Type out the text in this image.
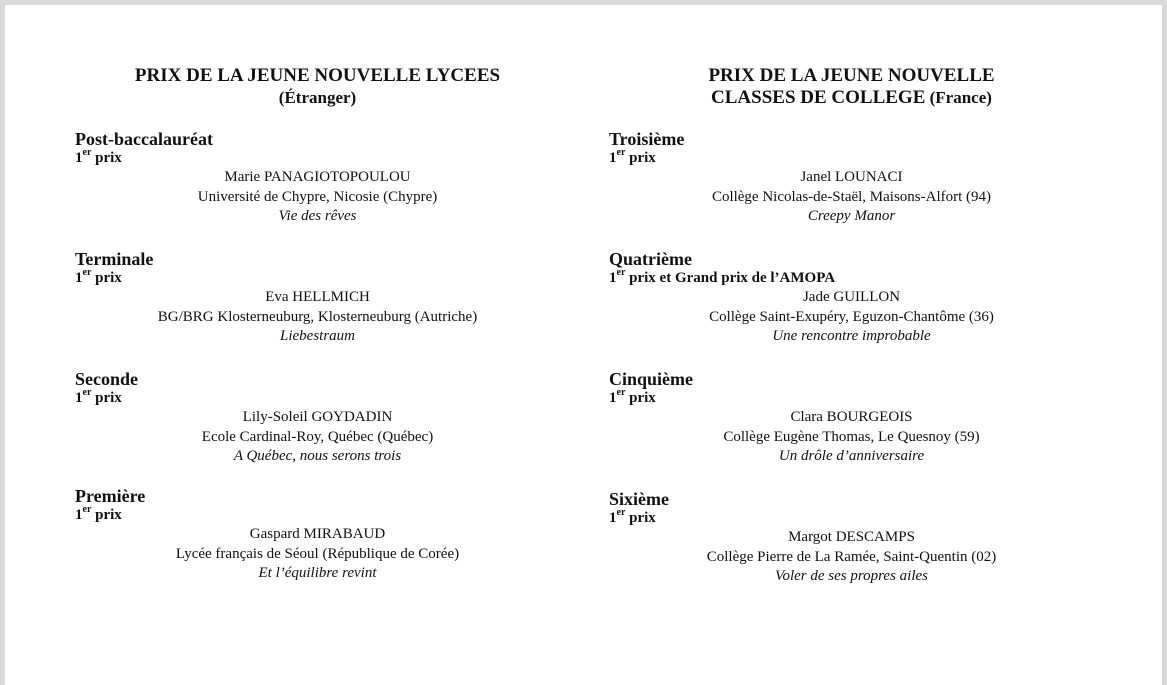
PRIX DE LA JEUNE NOUVELLE LYCEES
(Étranger)
Post-baccalauréat
1er prix
Marie PANAGIOTOPOULOU
Université de Chypre, Nicosie (Chypre)
Vie des rêves
Terminale
1er prix
Eva HELLMICH
BG/BRG Klosterneuburg, Klosterneuburg (Autriche)
Liebestraum
Seconde
1er prix
Lily-Soleil GOYDADIN
Ecole Cardinal-Roy, Québec (Québec)
A Québec, nous serons trois
Première
1er prix
Gaspard MIRABAUD
Lycée français de Séoul (République de Corée)
Et l’équilibre revint
PRIX DE LA JEUNE NOUVELLE
CLASSES DE COLLEGE (France)
Troisième
1er prix
Janel LOUNACI
Collège Nicolas-de-Staël, Maisons-Alfort (94)
Creepy Manor
Quatrième
1er prix et Grand prix de l’AMOPA
Jade GUILLON
Collège Saint-Exupéry, Eguzon-Chantôme (36)
Une rencontre improbable
Cinquième
1er prix
Clara BOURGEOIS
Collège Eugène Thomas, Le Quesnoy (59)
Un drôle d’anniversaire
Sixième
1er prix
Margot DESCAMPS
Collège Pierre de La Ramée, Saint-Quentin (02)
Voler de ses propres ailes
